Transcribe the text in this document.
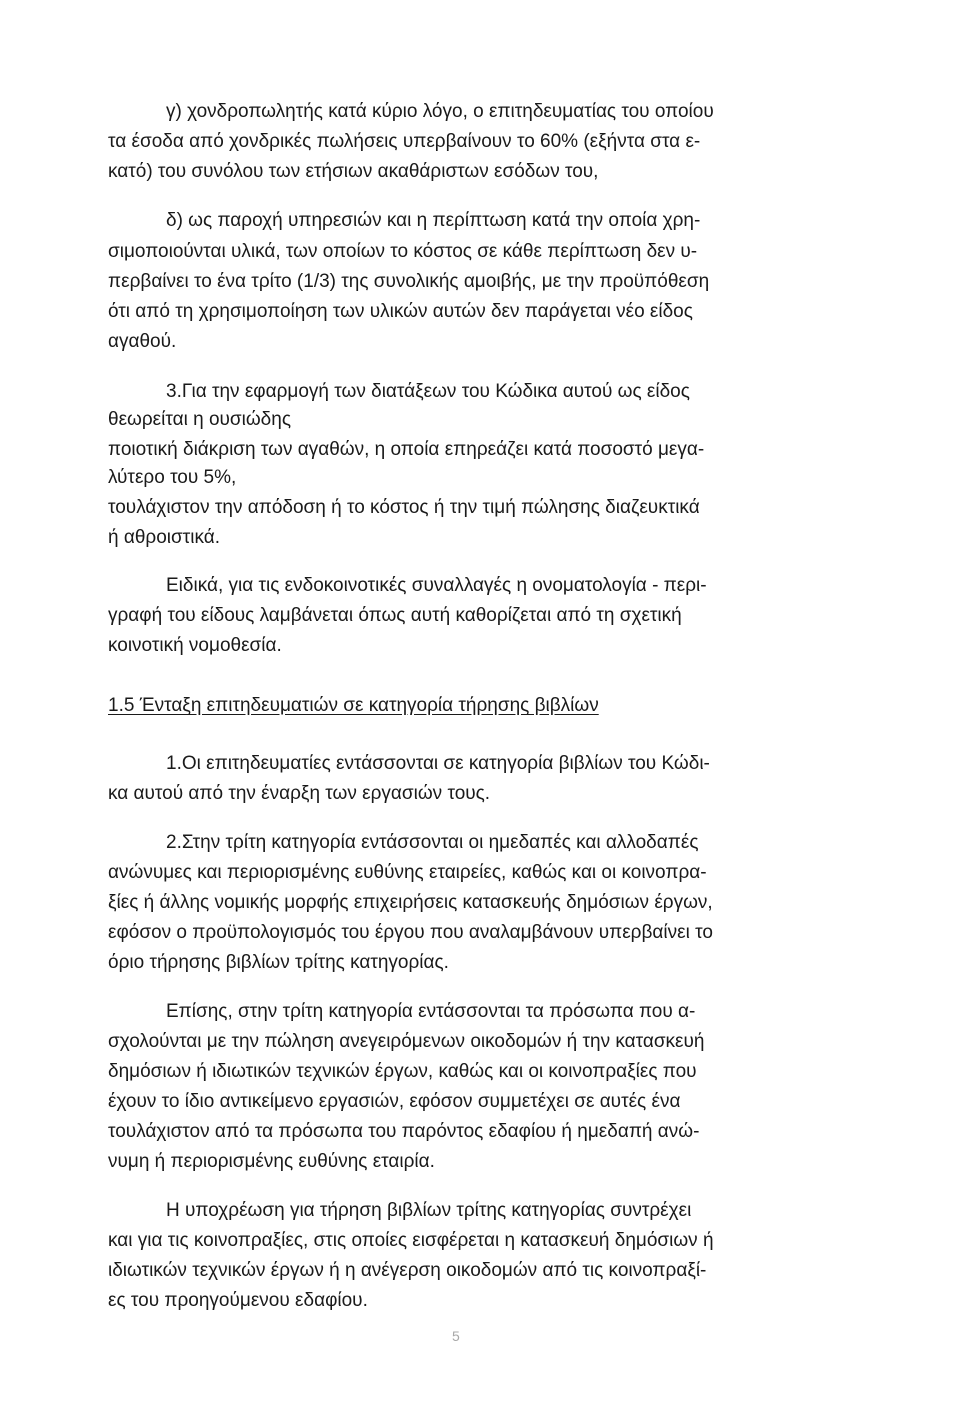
γ) χονδροπωλητής κατά κύριο λόγο, ο επιτηδευματίας του οποίου
τα έσοδα από χονδρικές πωλήσεις υπερβαίνουν το 60% (εξήντα στα ε-
κατό) του συνόλου των ετήσιων ακαθάριστων εσόδων του,
δ) ως παροχή υπηρεσιών και η περίπτωση κατά την οποία χρη-
σιμοποιούνται υλικά, των οποίων το κόστος σε κάθε περίπτωση δεν υ-
περβαίνει το ένα τρίτο (1/3) της συνολικής αμοιβής, με την προϋπόθεση
ότι από τη χρησιμοποίηση των υλικών αυτών δεν παράγεται νέο είδος
αγαθού.
3.Για την εφαρμογή των διατάξεων του Κώδικα αυτού ως είδος
θεωρείται η ουσιώδης
ποιοτική διάκριση των αγαθών, η οποία επηρεάζει κατά ποσοστό μεγα-
λύτερο του 5%,
τουλάχιστον την απόδοση ή το κόστος ή την τιμή πώλησης διαζευκτικά
ή αθροιστικά.
Ειδικά, για τις ενδοκοινοτικές συναλλαγές η ονοματολογία - περι-
γραφή του είδους λαμβάνεται όπως αυτή καθορίζεται από τη σχετική
κοινοτική νομοθεσία.
1.5 Ένταξη επιτηδευματιών σε κατηγορία τήρησης βιβλίων
1.Οι επιτηδευματίες εντάσσονται σε κατηγορία βιβλίων του Κώδι-
κα αυτού από την έναρξη των εργασιών τους.
2.Στην τρίτη κατηγορία εντάσσονται οι ημεδαπές και αλλοδαπές
ανώνυμες και περιορισμένης ευθύνης εταιρείες, καθώς και οι κοινοπρα-
ξίες ή άλλης νομικής μορφής επιχειρήσεις κατασκευής δημόσιων έργων,
εφόσον ο προϋπολογισμός του έργου που αναλαμβάνουν υπερβαίνει το
όριο τήρησης βιβλίων τρίτης κατηγορίας.
Επίσης, στην τρίτη κατηγορία εντάσσονται τα πρόσωπα που α-
σχολούνται με την πώληση ανεγειρόμενων οικοδομών ή την κατασκευή
δημόσιων ή ιδιωτικών τεχνικών έργων, καθώς και οι κοινοπραξίες που
έχουν το ίδιο αντικείμενο εργασιών, εφόσον συμμετέχει σε αυτές ένα
τουλάχιστον από τα πρόσωπα του παρόντος εδαφίου ή ημεδαπή ανώ-
νυμη ή περιορισμένης ευθύνης εταιρία.
Η υποχρέωση για τήρηση βιβλίων τρίτης κατηγορίας συντρέχει
και για τις κοινοπραξίες, στις οποίες εισφέρεται η κατασκευή δημόσιων ή
ιδιωτικών τεχνικών έργων ή η ανέγερση οικοδομών από τις κοινοπραξί-
ες του προηγούμενου εδαφίου.
5
